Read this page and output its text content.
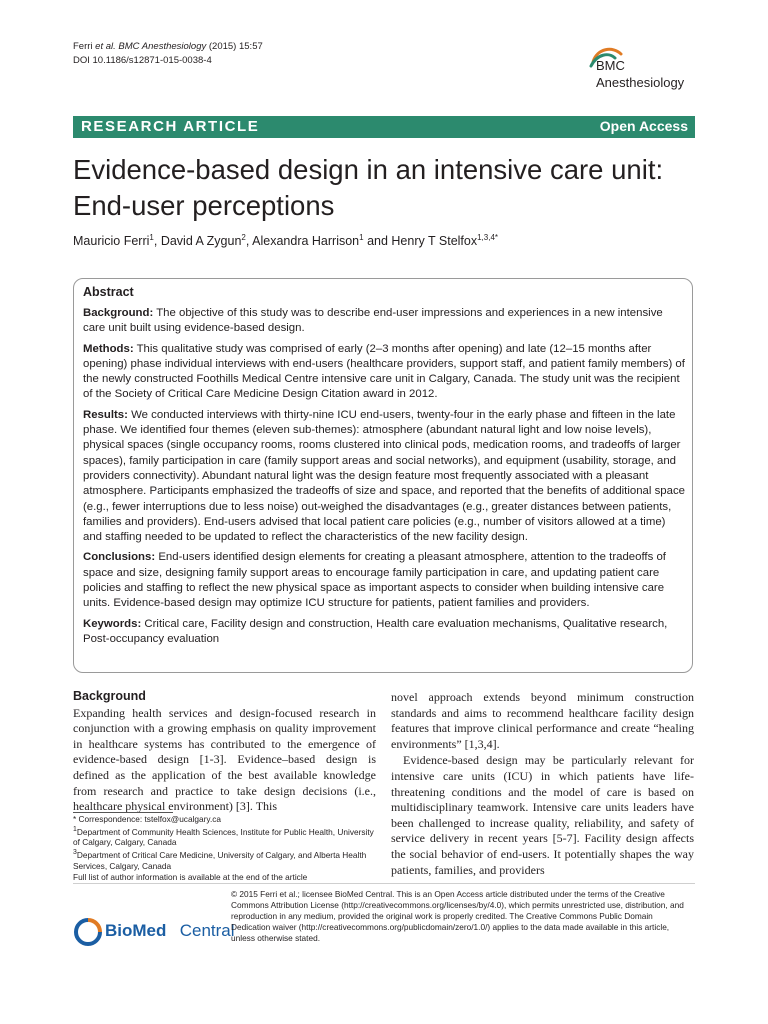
Ferri et al. BMC Anesthesiology (2015) 15:57
DOI 10.1186/s12871-015-0038-4	BMC
Anesthesiology
RESEARCH ARTICLE	Open Access
Evidence-based design in an intensive care unit:
End-user perceptions
Mauricio Ferri$^1$, David A Zygun$^2$, Alexandra Harrison$^1$ and Henry T Stelfox$^{1,3,4*}$
Abstract

Background: The objective of this study was to describe end-user impressions and experiences in a new intensive care unit built using evidence-based design.

Methods: This qualitative study was comprised of early (2–3 months after opening) and late (12–15 months after opening) phase individual interviews with end-users (healthcare providers, support staff, and patient family members) of the newly constructed Foothills Medical Centre intensive care unit in Calgary, Canada. The study unit was the recipient of the Society of Critical Care Medicine Design Citation award in 2012.

Results: We conducted interviews with thirty-nine ICU end-users, twenty-four in the early phase and fifteen in the late phase. We identified four themes (eleven sub-themes): atmosphere (abundant natural light and low noise levels), physical spaces (single occupancy rooms, rooms clustered into clinical pods, medication rooms, and tradeoffs of larger spaces), family participation in care (family support areas and social networks), and equipment (usability, storage, and providers connectivity). Abundant natural light was the design feature most frequently associated with a pleasant atmosphere. Participants emphasized the tradeoffs of size and space, and reported that the benefits of additional space (e.g., fewer interruptions due to less noise) out-weighed the disadvantages (e.g., greater distances between patients, families and providers). End-users advised that local patient care policies (e.g., number of visitors allowed at a time) and staffing needed to be updated to reflect the characteristics of the new facility design.

Conclusions: End-users identified design elements for creating a pleasant atmosphere, attention to the tradeoffs of space and size, designing family support areas to encourage family participation in care, and updating patient care policies and staffing to reflect the new physical space as important aspects to consider when building intensive care units. Evidence-based design may optimize ICU structure for patients, patient families and providers.

Keywords: Critical care, Facility design and construction, Health care evaluation mechanisms, Qualitative research, Post-occupancy evaluation

Background

Expanding health services and design-focused research in conjunction with a growing emphasis on quality improvement in healthcare systems has contributed to the emergence of evidence-based design [1-3]. Evidence–based design is defined as the application of the best available knowledge from research and practice to take design decisions (i.e., healthcare physical environment) [3]. This

novel approach extends beyond minimum construction standards and aims to recommend healthcare facility design features that improve clinical performance and create “healing environments” [1,3,4].

Evidence-based design may be particularly relevant for intensive care units (ICU) in which patients have life-threatening conditions and the model of care is based on multidisciplinary teamwork. Intensive care units leaders have been challenged to increase quality, reliability, and safety of service delivery in recent years [5-7]. Facility design affects the social behavior of end-users. It potentially shapes the way patients, families, and providers

* Correspondence: tstelfox@ucalgary.ca

$^1$Department of Community Health Sciences, Institute for Public Health, University of Calgary, Calgary, Canada

$^3$Department of Critical Care Medicine, University of Calgary, and Alberta Health Services, Calgary, Canada

Full list of author information is available at the end of the article

BioMed Central
© 2015 Ferri et al.; licensee BioMed Central. This is an Open Access article distributed under the terms of the Creative Commons Attribution License (http://creativecommons.org/licenses/by/4.0), which permits unrestricted use, distribution, and reproduction in any medium, provided the original work is properly credited. The Creative Commons Public Domain Dedication waiver (http://creativecommons.org/publicdomain/zero/1.0/) applies to the data made available in this article, unless otherwise stated.
